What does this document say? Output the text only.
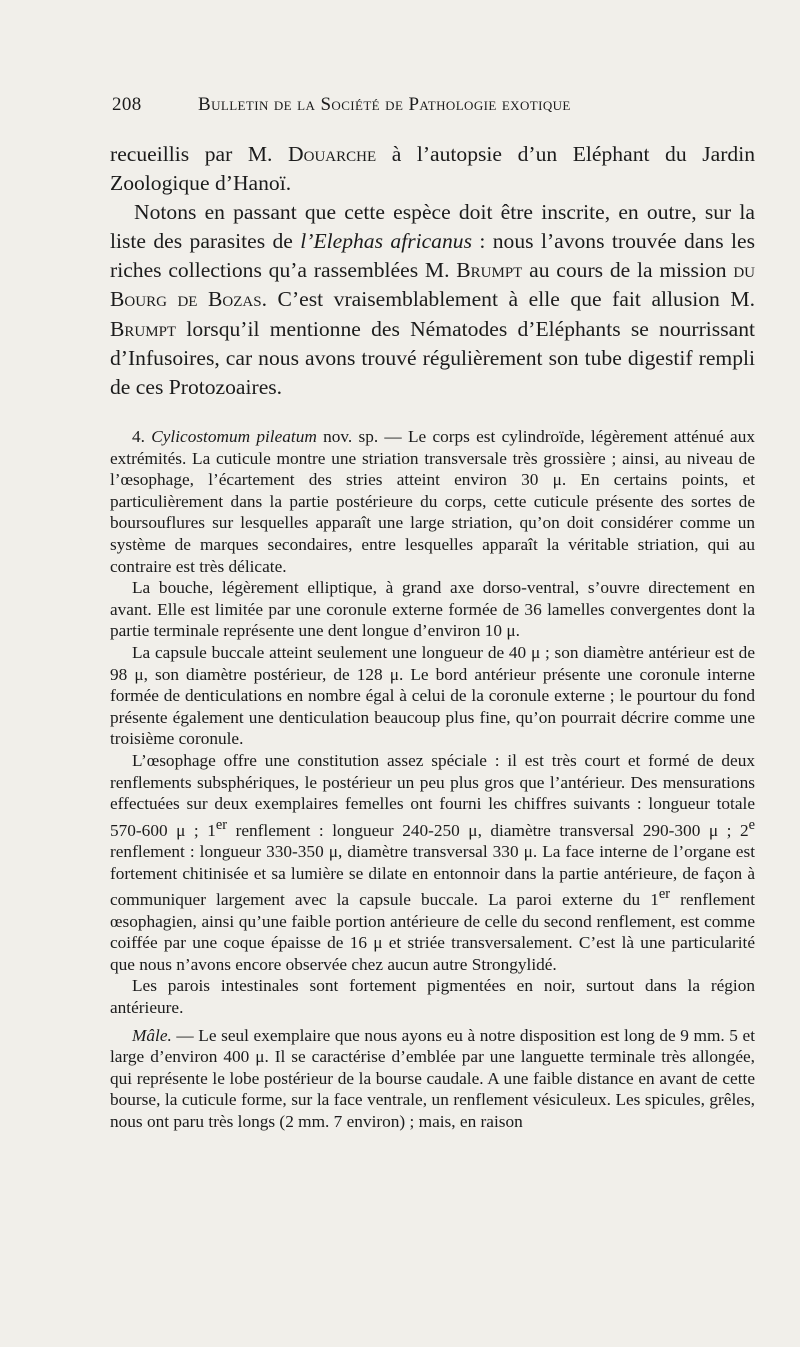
208	Bulletin de la Société de Pathologie exotique

recueillis par M. Douarche à l’autopsie d’un Eléphant du Jardin Zoologique d’Hanoï.

Notons en passant que cette espèce doit être inscrite, en outre, sur la liste des parasites de l’Elephas africanus : nous l’avons trouvée dans les riches collections qu’a rassemblées M. Brumpt au cours de la mission du Bourg de Bozas. C’est vraisemblablement à elle que fait allusion M. Brumpt lorsqu’il mentionne des Nématodes d’Eléphants se nourrissant d’Infusoires, car nous avons trouvé régulièrement son tube digestif rempli de ces Protozoaires.

4. Cylicostomum pileatum nov. sp. — Le corps est cylindroïde, légèrement atténué aux extrémités. La cuticule montre une striation transversale très grossière ; ainsi, au niveau de l’œsophage, l’écartement des stries atteint environ 30 μ. En certains points, et particulièrement dans la partie postérieure du corps, cette cuticule présente des sortes de boursouflures sur lesquelles apparaît une large striation, qu’on doit considérer comme un système de marques secondaires, entre lesquelles apparaît la véritable striation, qui au contraire est très délicate.

La bouche, légèrement elliptique, à grand axe dorso-ventral, s’ouvre directement en avant. Elle est limitée par une coronule externe formée de 36 lamelles convergentes dont la partie terminale représente une dent longue d’environ 10 μ.

La capsule buccale atteint seulement une longueur de 40 μ ; son diamètre antérieur est de 98 μ, son diamètre postérieur, de 128 μ. Le bord antérieur présente une coronule interne formée de denticulations en nombre égal à celui de la coronule externe ; le pourtour du fond présente également une denticulation beaucoup plus fine, qu’on pourrait décrire comme une troisième coronule.

L’œsophage offre une constitution assez spéciale : il est très court et formé de deux renflements subsphériques, le postérieur un peu plus gros que l’antérieur. Des mensurations effectuées sur deux exemplaires femelles ont fourni les chiffres suivants : longueur totale 570-600 μ ; 1er renflement : longueur 240-250 μ, diamètre transversal 290-300 μ ; 2e renflement : longueur 330-350 μ, diamètre transversal 330 μ. La face interne de l’organe est fortement chitinisée et sa lumière se dilate en entonnoir dans la partie antérieure, de façon à communiquer largement avec la capsule buccale. La paroi externe du 1er renflement œsophagien, ainsi qu’une faible portion antérieure de celle du second renflement, est comme coiffée par une coque épaisse de 16 μ et striée transversalement. C’est là une particularité que nous n’avons encore observée chez aucun autre Strongylidé.

Les parois intestinales sont fortement pigmentées en noir, surtout dans la région antérieure.

Mâle. — Le seul exemplaire que nous ayons eu à notre disposition est long de 9 mm. 5 et large d’environ 400 μ. Il se caractérise d’emblée par une languette terminale très allongée, qui représente le lobe postérieur de la bourse caudale. A une faible distance en avant de cette bourse, la cuticule forme, sur la face ventrale, un renflement vésiculeux. Les spicules, grêles, nous ont paru très longs (2 mm. 7 environ) ; mais, en raison
